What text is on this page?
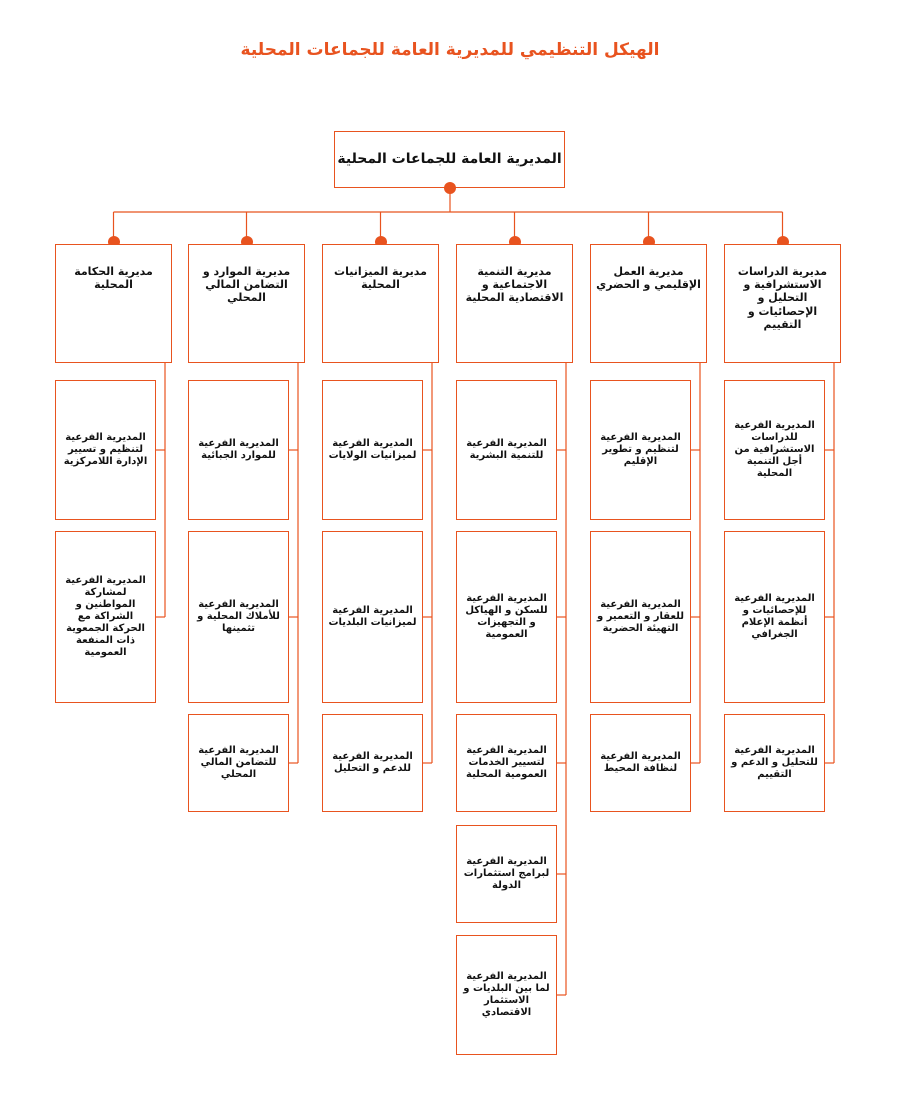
الهيكل التنظيمي للمديرية العامة للجماعات المحلية
المديرية العامة للجماعات المحلية
مديرية الحكامة المحلية
المديرية الفرعية لتنظيم و تسيير الإدارة اللامركزية
المديرية الفرعية لمشاركة المواطنين و الشراكة مع الحركة الجمعوية ذات المنفعة العمومية
مديرية الموارد و التضامن المالي المحلي
المديرية الفرعية للموارد الجبائية
المديرية الفرعية للأملاك المحلية و تثمينها
المديرية الفرعية للتضامن المالي المحلي
مديرية الميزانيات المحلية
المديرية الفرعية لميزانيات الولايات
المديرية الفرعية لميزانيات البلديات
المديرية الفرعية للدعم و التحليل
مديرية التنمية الاجتماعية و الاقتصادية المحلية
المديرية الفرعية للتنمية البشرية
المديرية الفرعية للسكن و الهياكل و التجهيزات العمومية
المديرية الفرعية لتسيير الخدمات العمومية المحلية
المديرية الفرعية لبرامج استثمارات الدولة
المديرية الفرعية لما بين البلديات و الاستثمار الاقتصادي
مديرية العمل الإقليمي و الحضري
المديرية الفرعية لتنظيم و تطوير الإقليم
المديرية الفرعية للعقار و التعمير و التهيئة الحضرية
المديرية الفرعية لنظافة المحيط
مديرية الدراسات الاستشرافية و التحليل و الإحصائيات و التقييم
المديرية الفرعية للدراسات الاستشرافية من أجل التنمية المحلية
المديرية الفرعية للإحصائيات و أنظمة الإعلام الجغرافي
المديرية الفرعية للتحليل و الدعم و التقييم
